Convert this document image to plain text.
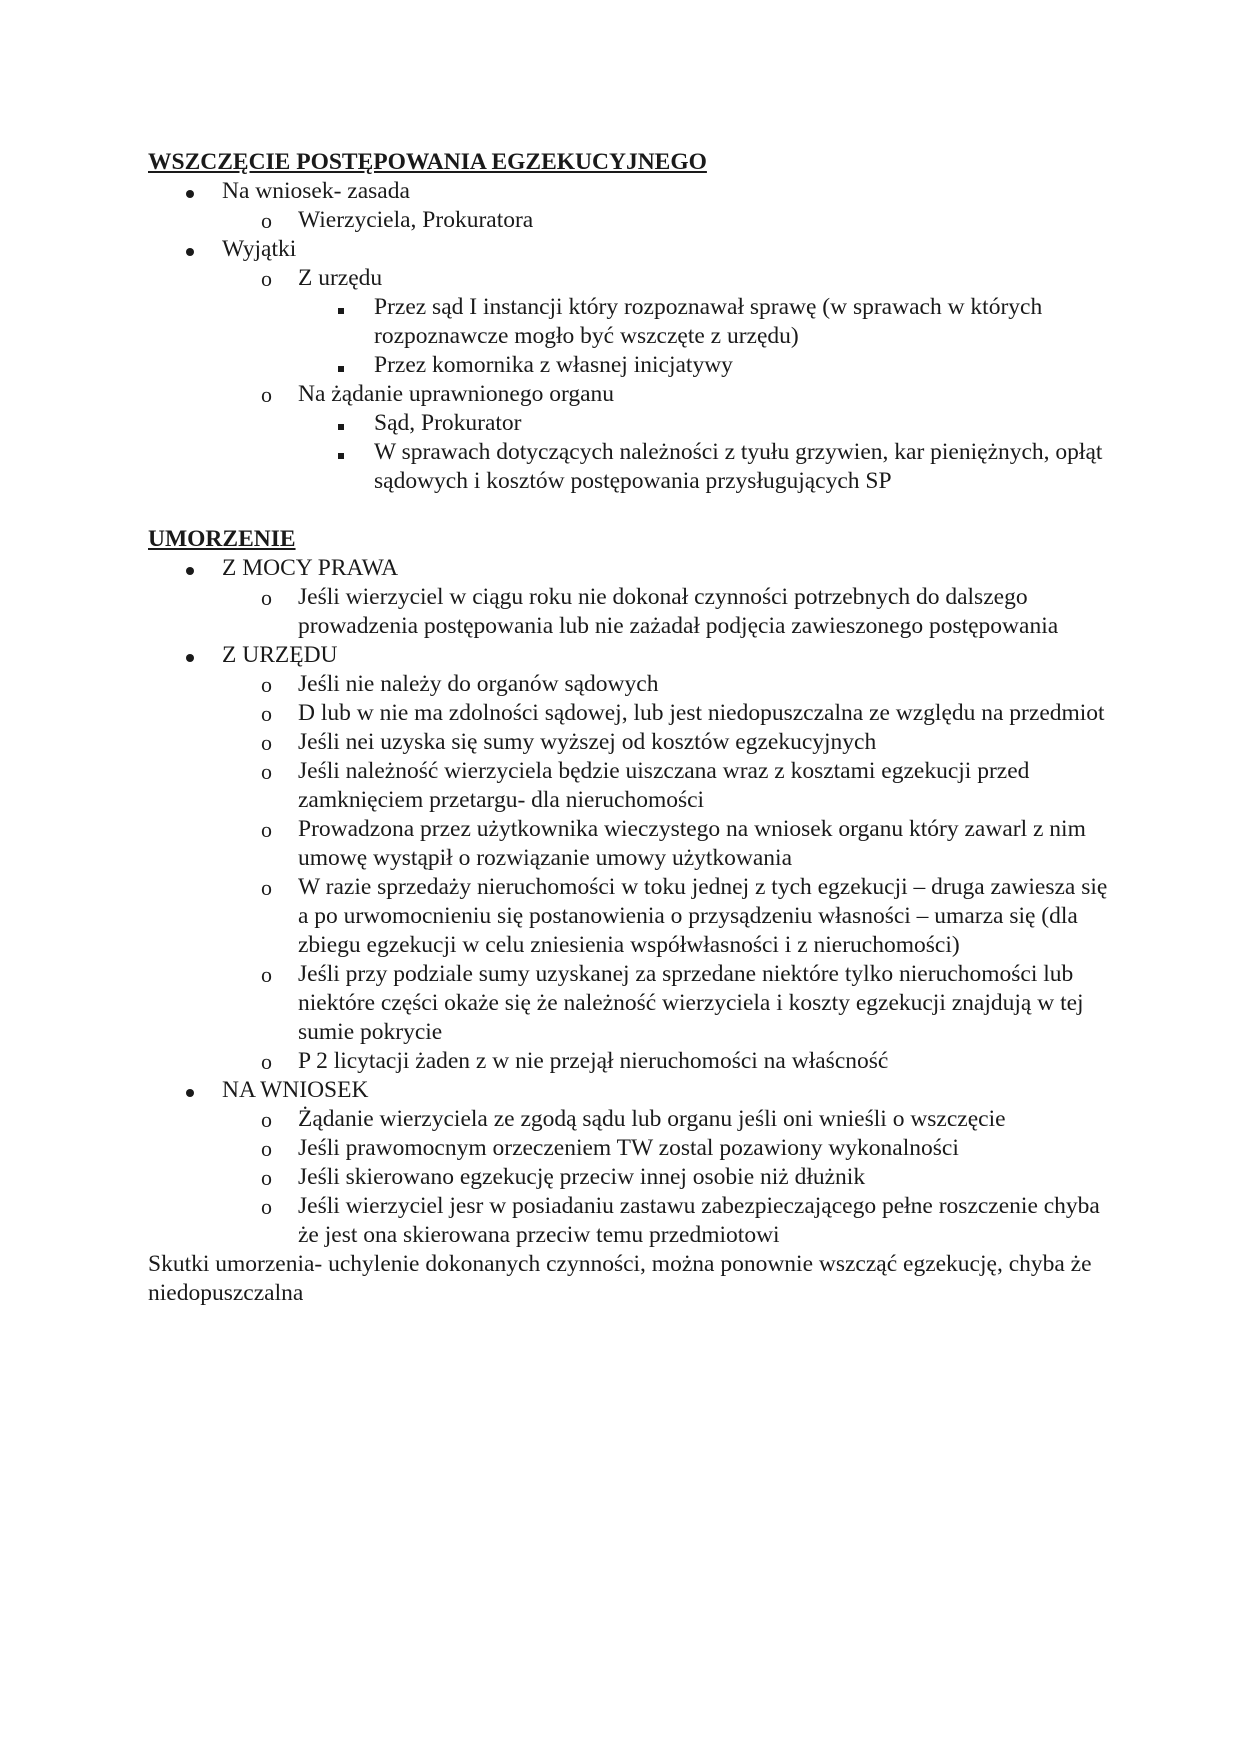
WSZCZĘCIE POSTĘPOWANIA EGZEKUCYJNEGO
Na wniosek- zasada
o Wierzyciela, Prokuratora
Wyjątki
o Z urzędu
Przez sąd I instancji który rozpoznawał sprawę (w sprawach w których rozpoznawcze mogło być wszczęte z urzędu)
Przez komornika z własnej inicjatywy
o Na żądanie uprawnionego organu
Sąd, Prokurator
W sprawach dotyczących należności z tyułu grzywien, kar pieniężnych, opłąt sądowych i kosztów postępowania przysługujących SP
UMORZENIE
Z MOCY PRAWA
o Jeśli wierzyciel w ciągu roku nie dokonał czynności potrzebnych do dalszego prowadzenia postępowania lub nie zażadał podjęcia zawieszonego postępowania
Z URZĘDU
o Jeśli nie należy do organów sądowych
o D lub w nie ma zdolności sądowej, lub jest niedopuszczalna ze względu na przedmiot
o Jeśli nei uzyska się sumy wyższej od kosztów egzekucyjnych
o Jeśli należność wierzyciela będzie uiszczana wraz z kosztami egzekucji przed zamknięciem przetargu- dla nieruchomości
o Prowadzona przez użytkownika wieczystego na wniosek organu który zawarl z nim umowę wystąpił o rozwiązanie umowy użytkowania
o W razie sprzedaży nieruchomości w toku jednej z tych egzekucji – druga zawiesza się a po urwomocnieniu się postanowienia o przysądzeniu własności – umarza się (dla zbiegu egzekucji w celu zniesienia współwłasności i z nieruchomości)
o Jeśli przy podziale sumy uzyskanej za sprzedane niektóre tylko nieruchomości lub niektóre części okaże się że należność wierzyciela i koszty egzekucji znajdują w tej sumie pokrycie
o P 2 licytacji żaden z w nie przejął nieruchomości na właścność
NA WNIOSEK
o Żądanie wierzyciela ze zgodą sądu lub organu jeśli oni wnieśli o wszczęcie
o Jeśli prawomocnym orzeczeniem TW zostal pozawiony wykonalności
o Jeśli skierowano egzekucję przeciw innej osobie niż dłużnik
o Jeśli wierzyciel jesr w posiadaniu zastawu zabezpieczającego pełne roszczenie chyba że jest ona skierowana przeciw temu przedmiotowi

Skutki umorzenia- uchylenie dokonanych czynności, można ponownie wszcząć egzekucję, chyba że niedopuszczalna
